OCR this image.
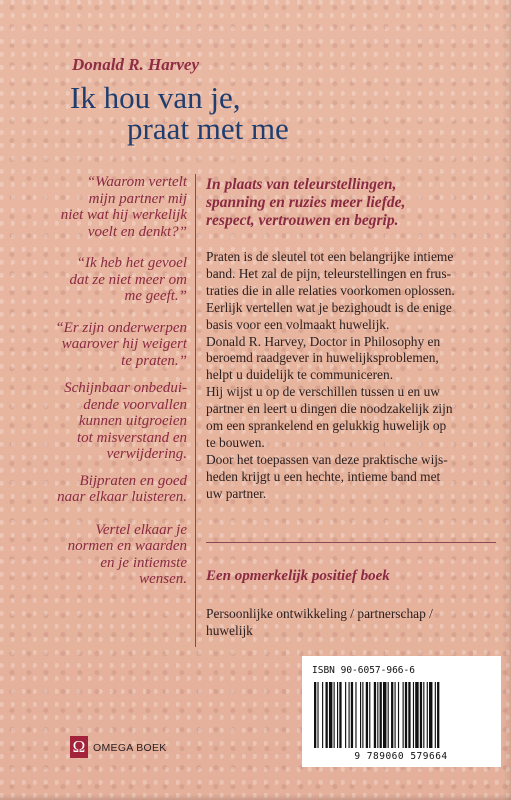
Donald R. Harvey
Ik hou van je,
praat met me
“Waarom vertelt
mijn partner mij
niet wat hij werkelijk
voelt en denkt?”
“Ik heb het gevoel
dat ze niet meer om
me geeft.”
“Er zijn onderwerpen
waarover hij weigert
te praten.”
Schijnbaar onbedui-
dende voorvallen
kunnen uitgroeien
tot misverstand en
verwijdering.
Bijpraten en goed
naar elkaar luisteren.
Vertel elkaar je
normen en waarden
en je intiemste
wensen.
In plaats van teleurstellingen,
spanning en ruzies meer liefde,
respect, vertrouwen en begrip.

Praten is de sleutel tot een belangrijke intieme

band. Het zal de pijn, teleurstellingen en frus-

traties die in alle relaties voorkomen oplossen.

Eerlijk vertellen wat je bezighoudt is de enige

basis voor een volmaakt huwelijk.

Donald R. Harvey, Doctor in Philosophy en

beroemd raadgever in huwelijksproblemen,

helpt u duidelijk te communiceren.

Hij wijst u op de verschillen tussen u en uw

partner en leert u dingen die noodzakelijk zijn

om een sprankelend en gelukkig huwelijk op

te bouwen.

Door het toepassen van deze praktische wijs-

heden krijgt u een hechte, intieme band met

uw partner.

Een opmerkelijk positief boek
Persoonlijke ontwikkeling / partnerschap /
huwelijk
ISBN 90-6057-966-6
9 789060 579664
Ω OMEGA BOEK
